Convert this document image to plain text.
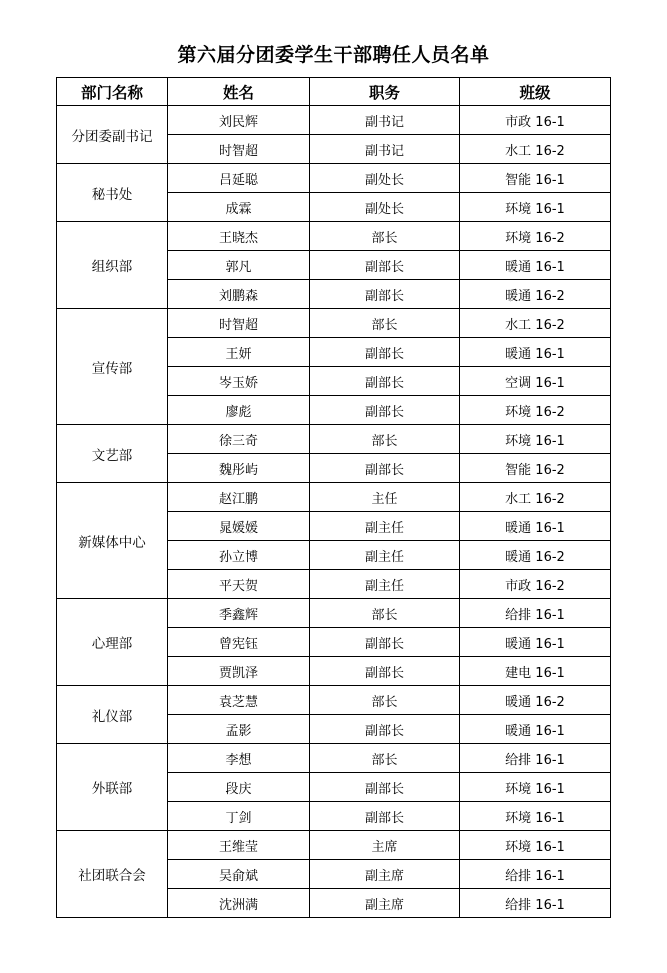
第六届分团委学生干部聘任人员名单
部门名称	姓名	职务	班级
分团委副书记	刘民辉	副书记	市政 16-1
	时智超	副书记	水工 16-2
秘书处	吕延聪	副处长	智能 16-1
	成霖	副处长	环境 16-1
组织部	王晓杰	部长	环境 16-2
	郭凡	副部长	暖通 16-1
	刘鹏森	副部长	暖通 16-2
宣传部	时智超	部长	水工 16-2
	王妍	副部长	暖通 16-1
	岑玉娇	副部长	空调 16-1
	廖彪	副部长	环境 16-2
文艺部	徐三奇	部长	环境 16-1
	魏彤屿	副部长	智能 16-2
新媒体中心	赵江鹏	主任	水工 16-2
	晁媛媛	副主任	暖通 16-1
	孙立博	副主任	暖通 16-2
	平天贺	副主任	市政 16-2
心理部	季鑫辉	部长	给排 16-1
	曾宪钰	副部长	暖通 16-1
	贾凯泽	副部长	建电 16-1
礼仪部	袁芝慧	部长	暖通 16-2
	孟影	副部长	暖通 16-1
外联部	李想	部长	给排 16-1
	段庆	副部长	环境 16-1
	丁剑	副部长	环境 16-1
社团联合会	王维莹	主席	环境 16-1
	吴俞斌	副主席	给排 16-1
	沈洲满	副主席	给排 16-1
